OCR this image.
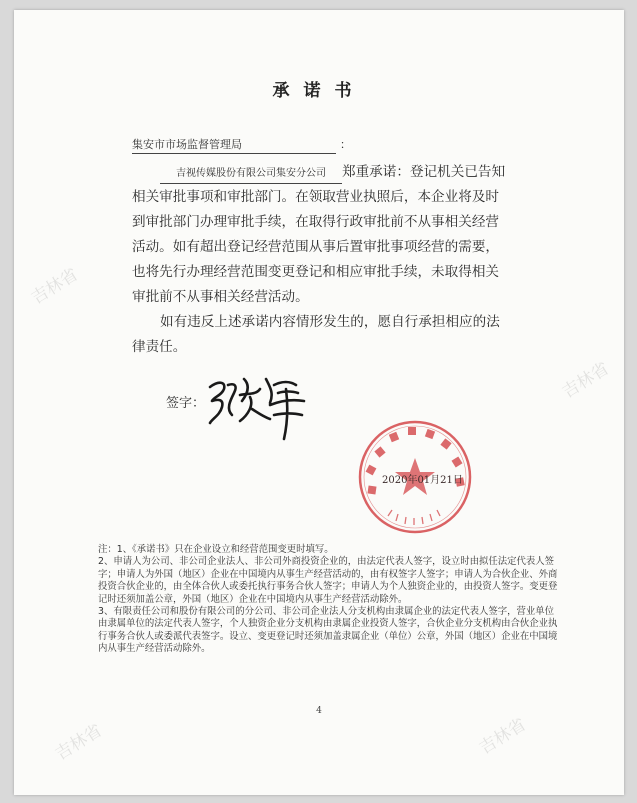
吉林省
吉林省
吉林省	吉林省
承诺书
集安市市场监督管理局	：

吉视传媒股份有限公司集安分公司 郑重承诺：登记机关已告知相关审批事项和审批部门。在领取营业执照后，本企业将及时到审批部门办理审批手续，在取得行政审批前不从事相关经营活动。如有超出登记经营范围从事后置审批事项经营的需要，也将先行办理经营范围变更登记和相应审批手续，未取得相关审批前不从事相关经营活动。

如有违反上述承诺内容情形发生的，愿自行承担相应的法律责任。

签字：
2020年01月21日

注：1、《承诺书》只在企业设立和经营范围变更时填写。

2、申请人为公司、非公司企业法人、非公司外商投资企业的，由法定代表人签字，设立时由拟任法定代表人签字；申请人为外国（地区）企业在中国境内从事生产经营活动的，由有权签字人签字；申请人为合伙企业、外商投资合伙企业的，由全体合伙人或委托执行事务合伙人签字；申请人为个人独资企业的，由投资人签字。变更登记时还须加盖公章，外国（地区）企业在中国境内从事生产经营活动除外。

3、有限责任公司和股份有限公司的分公司、非公司企业法人分支机构由隶属企业的法定代表人签字，营业单位由隶属单位的法定代表人签字，个人独资企业分支机构由隶属企业投资人签字，合伙企业分支机构由合伙企业执行事务合伙人或委派代表签字。设立、变更登记时还须加盖隶属企业（单位）公章，外国（地区）企业在中国境内从事生产经营活动除外。

4
